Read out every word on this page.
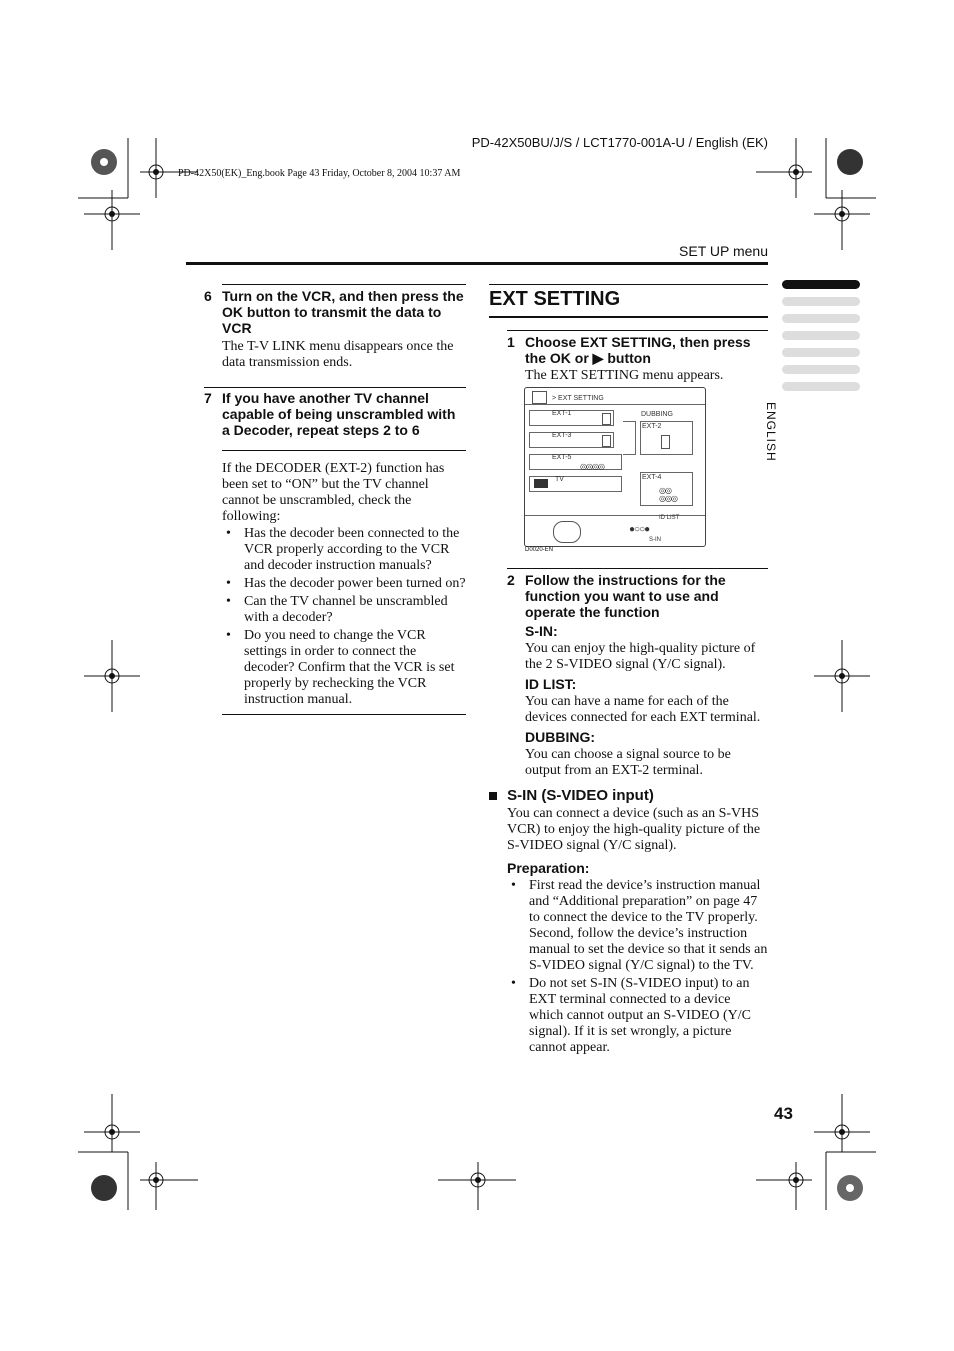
PD-42X50BU/J/S / LCT1770-001A-U / English (EK)
PD-42X50(EK)_Eng.book Page 43 Friday, October 8, 2004 10:37 AM
SET UP menu
ENGLISH
6 Turn on the VCR, and then press the OK button to transmit the data to VCR
The T-V LINK menu disappears once the data transmission ends.
7 If you have another TV channel capable of being unscrambled with a Decoder, repeat steps 2 to 6
If the DECODER (EXT-2) function has been set to “ON” but the TV channel cannot be unscrambled, check the following:
• Has the decoder been connected to the VCR properly according to the VCR and decoder instruction manuals?
• Has the decoder power been turned on?
• Can the TV channel be unscrambled with a decoder?
• Do you need to change the VCR settings in order to connect the decoder? Confirm that the VCR is set properly by rechecking the VCR instruction manual.
EXT SETTING
1 Choose EXT SETTING, then press the OK or ▶ button
The EXT SETTING menu appears.
> EXT SETTING
EXT-1
EXT-3
EXT-5
◎◎◎◎
TV
DUBBING
EXT-2
EXT-4
◎◎
◎◎◎
ID LIST
●○○●
S-IN
D0020-EN
2 Follow the instructions for the function you want to use and operate the function
S-IN:
You can enjoy the high-quality picture of the 2 S-VIDEO signal (Y/C signal).
ID LIST:
You can have a name for each of the devices connected for each EXT terminal.
DUBBING:
You can choose a signal source to be output from an EXT-2 terminal.
S-IN (S-VIDEO input)
You can connect a device (such as an S-VHS VCR) to enjoy the high-quality picture of the S-VIDEO signal (Y/C signal).
Preparation:
• First read the device’s instruction manual and “Additional preparation” on page 47 to connect the device to the TV properly. Second, follow the device’s instruction manual to set the device so that it sends an S-VIDEO signal (Y/C signal) to the TV.
• Do not set S-IN (S-VIDEO input) to an EXT terminal connected to a device which cannot output an S-VIDEO (Y/C signal). If it is set wrongly, a picture cannot appear.
43
